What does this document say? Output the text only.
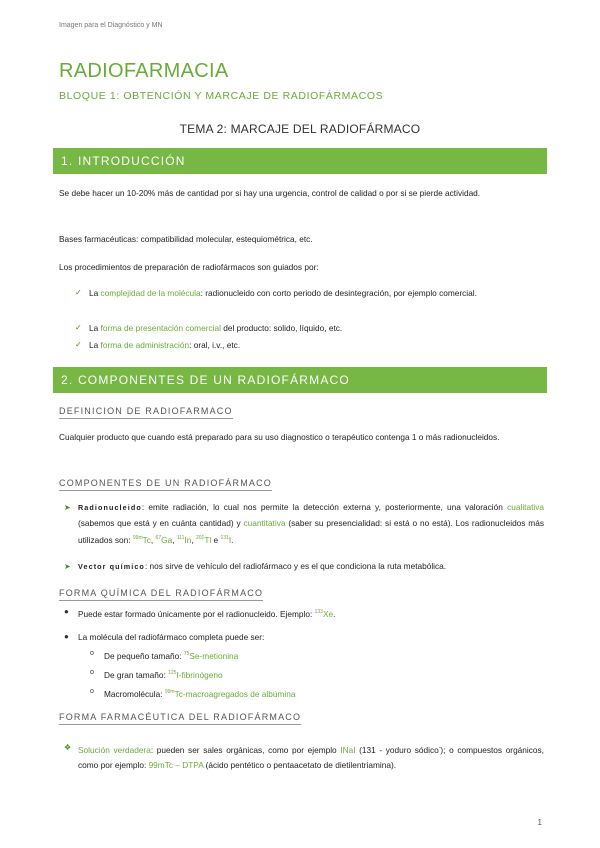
Imagen para el Diagnóstico y MN
RADIOFARMACIA
BLOQUE 1: OBTENCIÓN Y MARCAJE DE RADIOFÁRMACOS
TEMA 2: MARCAJE DEL RADIOFÁRMACO
1. INTRODUCCIÓN
Se debe hacer un 10-20% más de cantidad por si hay una urgencia, control de calidad o por si se pierde actividad.
Bases farmacéuticas: compatibilidad molecular, estequiométrica, etc.
Los procedimientos de preparación de radiofármacos son guiados por:
✓ La complejidad de la molécula: radionucleido con corto periodo de desintegración, por ejemplo comercial.
✓ La forma de presentación comercial del producto: solido, líquido, etc.
✓ La forma de administración: oral, i.v., etc.
2. COMPONENTES DE UN RADIOFÁRMACO
DEFINICION DE RADIOFARMACO
Cualquier producto que cuando está preparado para su uso diagnostico o terapéutico contenga 1 o más radionucleidos.
COMPONENTES DE UN RADIOFÁRMACO
➤ Radionucleido: emite radiación, lo cual nos permite la detección externa y, posteriormente, una valoración cualitativa (sabemos que está y en cuánta cantidad) y cuantitativa (saber su presencialidad: si está o no está). Los radionucleidos más utilizados son: $^{99m}$Tc, $^{67}$Ga, $^{111}$In, $^{201}$Tl e $^{131}$I.
➤ Vector químico: nos sirve de vehículo del radiofármaco y es el que condiciona la ruta metabólica.
FORMA QUÍMICA DEL RADIOFÁRMACO
● Puede estar formado únicamente por el radionucleido. Ejemplo: $^{133}$Xe.
● La molécula del radiofármaco completa puede ser:
o De pequeño tamaño: $^{75}$Se-metionina
o De gran tamaño: $^{125}$I-fibrinógeno
o Macromolécula: $^{99m}$Tc-macroagregados de albúmina
FORMA FARMACÉUTICA DEL RADIOFÁRMACO
❖ Solución verdadera: pueden ser sales orgánicas, como por ejemplo INaI (131 - yoduro sódico-); o compuestos orgánicos, como por ejemplo: 99mTc – DTPA (ácido pentético o pentaacetato de dietilentriamina).
1
